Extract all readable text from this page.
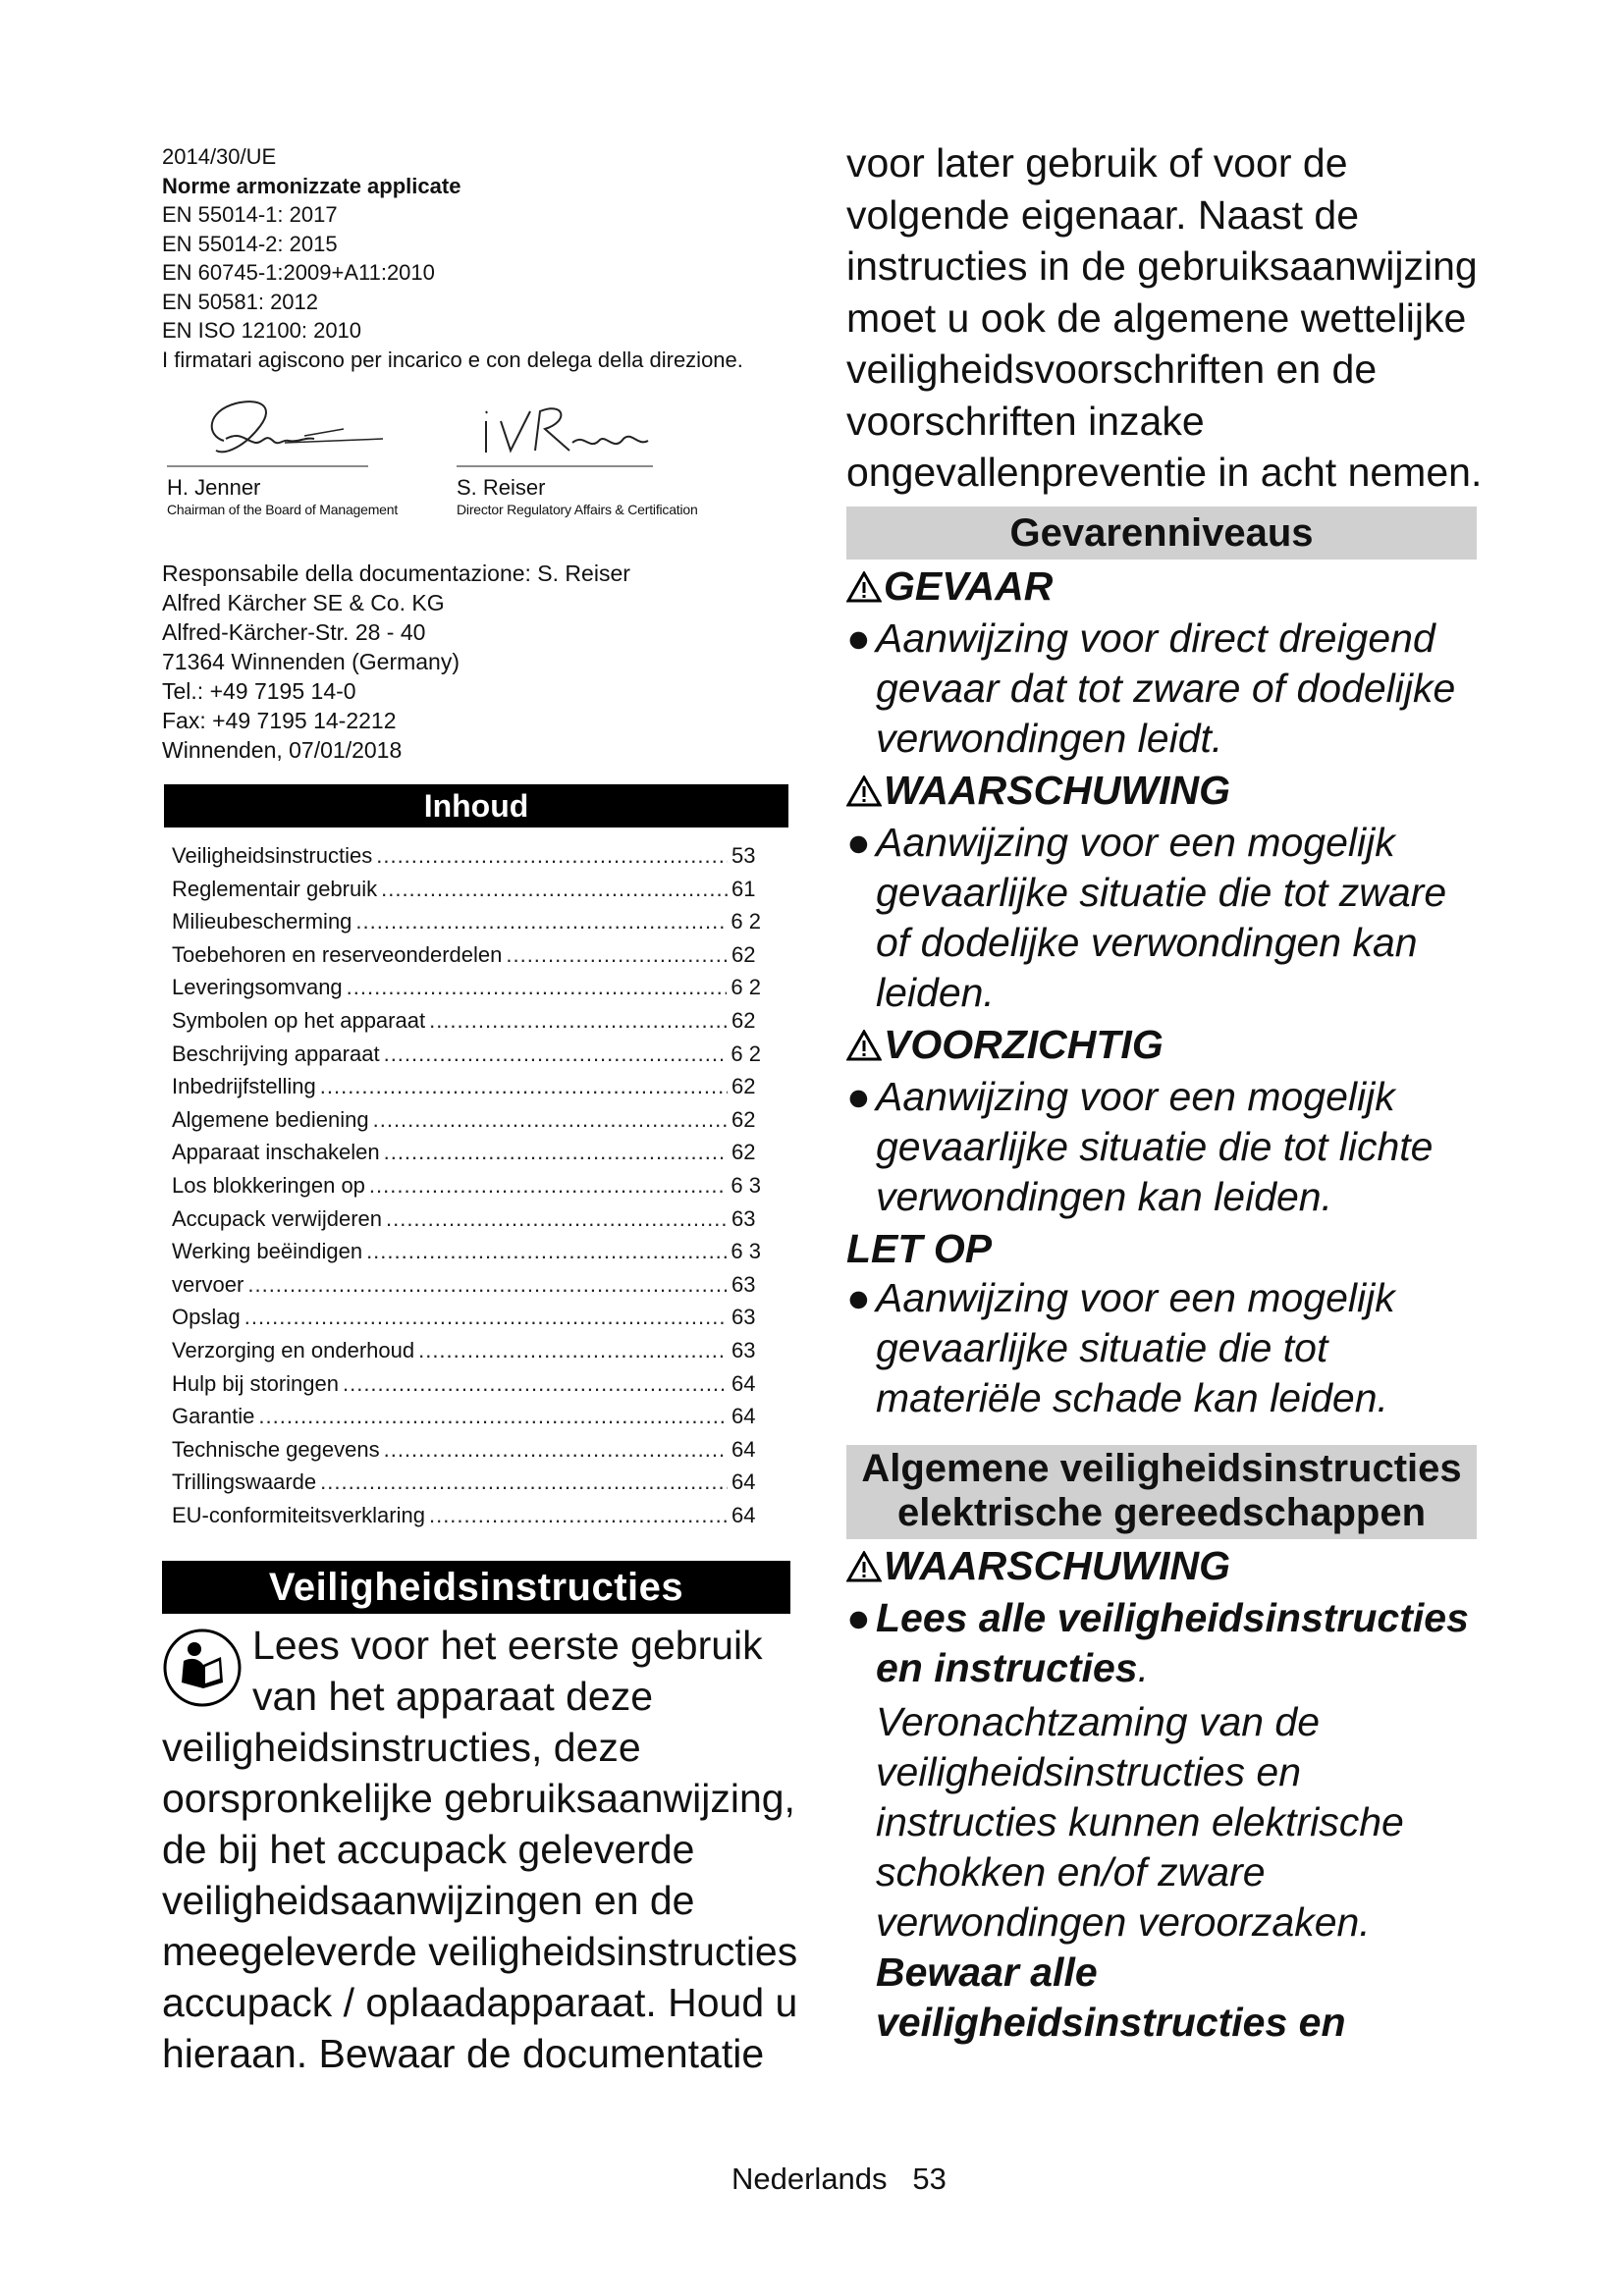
2014/30/UE
Norme armonizzate applicate
EN 55014-1: 2017
EN 55014-2: 2015
EN 60745-1:2009+A11:2010
EN 50581: 2012
EN ISO 12100: 2010
I firmatari agiscono per incarico e con delega della direzione.
H. Jenner
Chairman of the Board of Management
S. Reiser
Director Regulatory Affairs & Certification
Responsabile della documentazione: S. Reiser
Alfred Kärcher SE & Co. KG
Alfred-Kärcher-Str. 28 - 40
71364 Winnenden (Germany)
Tel.: +49 7195 14-0
Fax: +49 7195 14-2212
Winnenden, 07/01/2018
Inhoud
Veiligheidsinstructies .....	53
Reglementair gebruik .....	61
Milieubescherming .....	6 2
Toebehoren en reserveonderdelen .....	62
Leveringsomvang .....	6 2
Symbolen op het apparaat .....	62
Beschrijving apparaat .....	6 2
Inbedrijfstelling .....	62
Algemene bediening .....	62
Apparaat inschakelen .....	62
Los blokkeringen op .....	6 3
Accupack verwijderen .....	63
Werking beëindigen .....	6 3
vervoer .....	63
Opslag .....	63
Verzorging en onderhoud .....	63
Hulp bij storingen .....	64
Garantie .....	64
Technische gegevens .....	64
Trillingswaarde .....	64
EU-conformiteitsverklaring .....	64
Veiligheidsinstructies
Lees voor het eerste gebruik van het apparaat deze veiligheidsinstructies, deze oorspronkelijke gebruiksaanwijzing, de bij het accupack geleverde veiligheidsaanwijzingen en de meegeleverde veiligheidsinstructies accupack / oplaadapparaat. Houd u hieraan. Bewaar de documentatie
voor later gebruik of voor de volgende eigenaar. Naast de instructies in de gebruiksaanwijzing moet u ook de algemene wettelijke veiligheidsvoorschriften en de voorschriften inzake ongevallenpreventie in acht nemen.
Gevarenniveaus
GEVAAR
● Aanwijzing voor direct dreigend gevaar dat tot zware of dodelijke verwondingen leidt.
WAARSCHUWING
● Aanwijzing voor een mogelijk gevaarlijke situatie die tot zware of dodelijke verwondingen kan leiden.
VOORZICHTIG
● Aanwijzing voor een mogelijk gevaarlijke situatie die tot lichte verwondingen kan leiden.
LET OP
● Aanwijzing voor een mogelijk gevaarlijke situatie die tot materiële schade kan leiden.
Algemene veiligheidsinstructies elektrische gereedschappen
WAARSCHUWING
● Lees alle veiligheidsinstructies en instructies.
Veronachtzaming van de veiligheidsinstructies en instructies kunnen elektrische schokken en/of zware verwondingen veroorzaken. Bewaar alle veiligheidsinstructies en
Nederlands 53
